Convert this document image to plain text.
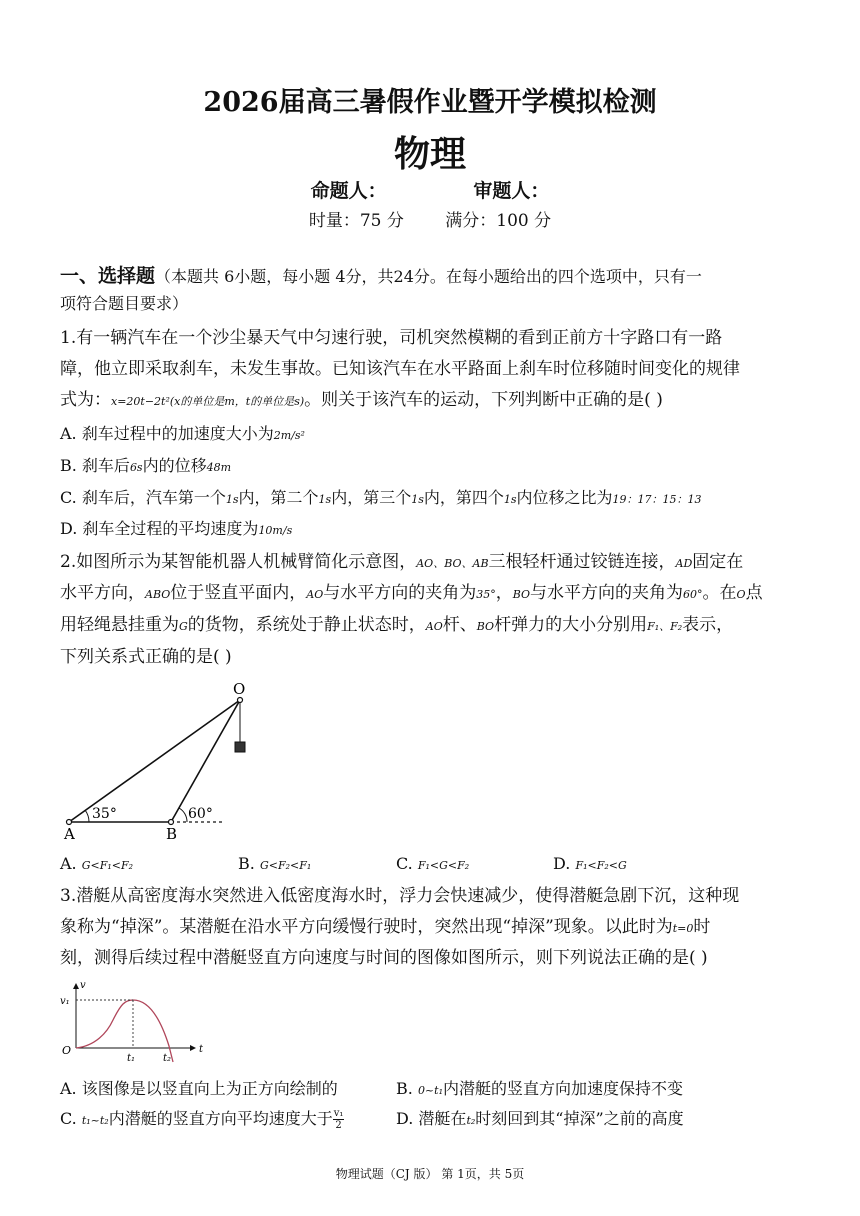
2026届高三暑假作业暨开学模拟检测
物理
命题人：	审题人：
时量：75 分 满分：100 分
一、选择题（本题共 6小题，每小题 4分，共24分。在每小题给出的四个选项中，只有一
项符合题目要求）
1.有一辆汽车在一个沙尘暴天气中匀速行驶，司机突然模糊的看到正前方十字路口有一路
障，他立即采取刹车，未发生事故。已知该汽车在水平路面上刹车时位移随时间变化的规律
式为：x=20t−2t²(x的单位是m，t的单位是s)。则关于该汽车的运动，下列判断中正确的是( )
A. 刹车过程中的加速度大小为2m/s²
B. 刹车后6s内的位移48m
C. 刹车后，汽车第一个1s内，第二个1s内，第三个1s内，第四个1s内位移之比为19：17：15：13
D. 刹车全过程的平均速度为10m/s
2.如图所示为某智能机器人机械臂简化示意图，AO、BO、AB三根轻杆通过铰链连接，AD固定在
水平方向，ABO位于竖直平面内，AO与水平方向的夹角为35°，BO与水平方向的夹角为60°。在O点
用轻绳悬挂重为G的货物，系统处于静止状态时，AO杆、BO杆弹力的大小分别用F₁、F₂表示，
下列关系式正确的是( )
O
A	B
35°	60°
A. G<F₁<F₂	B. G<F₂<F₁	C. F₁<G<F₂	D. F₁<F₂<G
3.潜艇从高密度海水突然进入低密度海水时，浮力会快速减少，使得潜艇急剧下沉，这种现
象称为“掉深”。某潜艇在沿水平方向缓慢行驶时，突然出现“掉深”现象。以此时为t=0时
刻，测得后续过程中潜艇竖直方向速度与时间的图像如图所示，则下列说法正确的是( )
v
v₁
O
t₁	t₂
t
A. 该图像是以竖直向上为正方向绘制的	B. 0~t₁内潜艇的竖直方向加速度保持不变
C. t₁~t₂内潜艇的竖直方向平均速度大于 $\frac{\text{v₁}}{2}$	D. 潜艇在t₂时刻回到其“掉深”之前的高度
物理试题（CJ 版） 第 1页，共 5页
